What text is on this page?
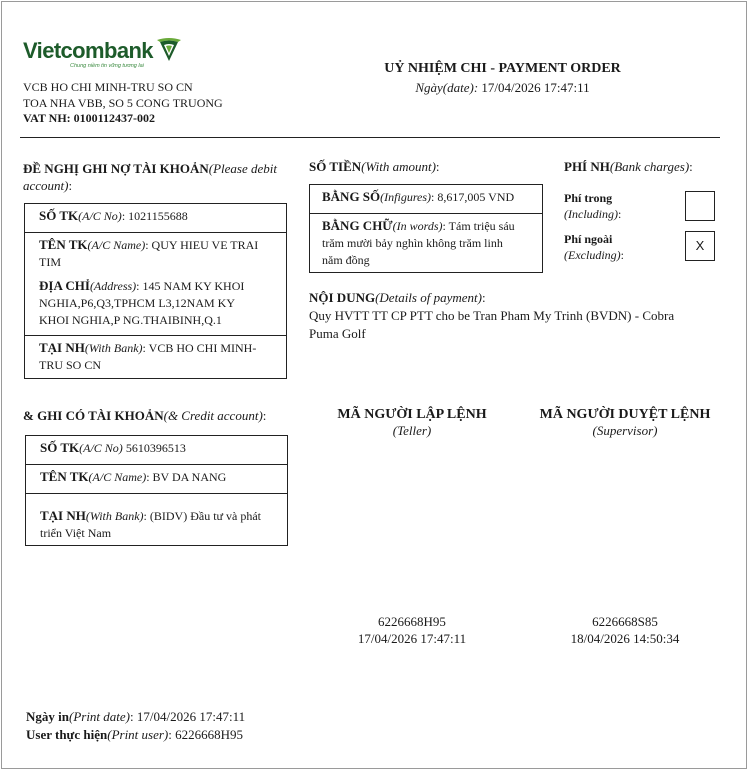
Vietcombank
Chung niềm tin vững tương lai
VCB HO CHI MINH-TRU SO CN
TOA NHA VBB, SO 5 CONG TRUONG
VAT NH: 0100112437-002
UỶ NHIỆM CHI - PAYMENT ORDER
Ngày(date): 17/04/2026 17:47:11
ĐỀ NGHỊ GHI NỢ TÀI KHOẢN(Please debit
account):
SỐ TK(A/C No): 1021155688
TÊN TK(A/C Name): QUY HIEU VE TRAI
TIM
ĐỊA CHỈ(Address): 145 NAM KY KHOI
NGHIA,P6,Q3,TPHCM L3,12NAM KY
KHOI NGHIA,P NG.THAIBINH,Q.1
TẠI NH(With Bank): VCB HO CHI MINH-
TRU SO CN
SỐ TIỀN(With amount):
BẰNG SỐ(Infigures): 8,617,005 VND
BẰNG CHỮ(In words): Tám triệu sáu
trăm mười bảy nghìn không trăm linh
năm đồng
PHÍ NH(Bank charges):
Phí trong
(Including):
Phí ngoài
(Excluding):
X
NỘI DUNG(Details of payment):
Quy HVTT TT CP PTT cho be Tran Pham My Trinh (BVDN) - Cobra
Puma Golf
& GHI CÓ TÀI KHOẢN(& Credit account):
SỐ TK(A/C No) 5610396513
TÊN TK(A/C Name): BV DA NANG
TẠI NH(With Bank): (BIDV) Đầu tư và phát
triển Việt Nam
MÃ NGƯỜI LẬP LỆNH
(Teller)
6226668H95
17/04/2026 17:47:11
MÃ NGƯỜI DUYỆT LỆNH
(Supervisor)
6226668S85
18/04/2026 14:50:34
Ngày in(Print date): 17/04/2026 17:47:11
User thực hiện(Print user): 6226668H95
